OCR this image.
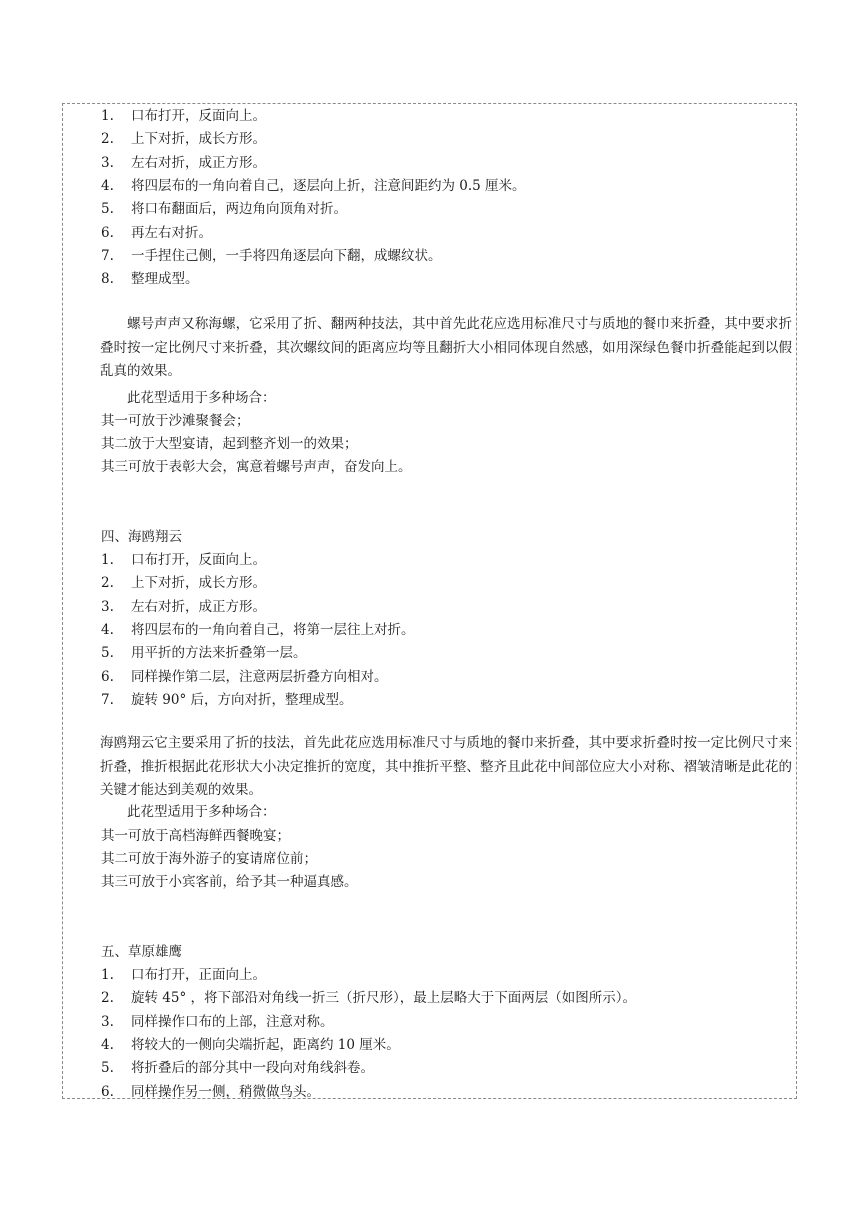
1. 口布打开，反面向上。
2. 上下对折，成长方形。
3. 左右对折，成正方形。
4. 将四层布的一角向着自己，逐层向上折，注意间距约为 0.5 厘米。
5. 将口布翻面后，两边角向顶角对折。
6. 再左右对折。
7. 一手捏住己侧，一手将四角逐层向下翻，成螺纹状。
8. 整理成型。
螺号声声又称海螺，它采用了折、翻两种技法，其中首先此花应选用标准尺寸与质地的餐巾来折叠，其中要求折叠时按一定比例尺寸来折叠，其次螺纹间的距离应均等且翻折大小相同体现自然感，如用深绿色餐巾折叠能起到以假乱真的效果。
此花型适用于多种场合：
其一可放于沙滩聚餐会；
其二放于大型宴请，起到整齐划一的效果；
其三可放于表彰大会，寓意着螺号声声，奋发向上。
四、海鸥翔云
1. 口布打开，反面向上。
2. 上下对折，成长方形。
3. 左右对折，成正方形。
4. 将四层布的一角向着自己，将第一层往上对折。
5. 用平折的方法来折叠第一层。
6. 同样操作第二层，注意两层折叠方向相对。
7. 旋转 90° 后，方向对折，整理成型。
海鸥翔云它主要采用了折的技法，首先此花应选用标准尺寸与质地的餐巾来折叠，其中要求折叠时按一定比例尺寸来折叠，推折根据此花形状大小决定推折的宽度，其中推折平整、整齐且此花中间部位应大小对称、褶皱清晰是此花的关键才能达到美观的效果。
此花型适用于多种场合：
其一可放于高档海鲜西餐晚宴；
其二可放于海外游子的宴请席位前；
其三可放于小宾客前，给予其一种逼真感。
五、草原雄鹰
1. 口布打开，正面向上。
2. 旋转 45° ，将下部沿对角线一折三（折尺形），最上层略大于下面两层（如图所示）。
3. 同样操作口布的上部，注意对称。
4. 将较大的一侧向尖端折起，距离约 10 厘米。
5. 将折叠后的部分其中一段向对角线斜卷。
6. 同样操作另一侧，稍微做鸟头。
